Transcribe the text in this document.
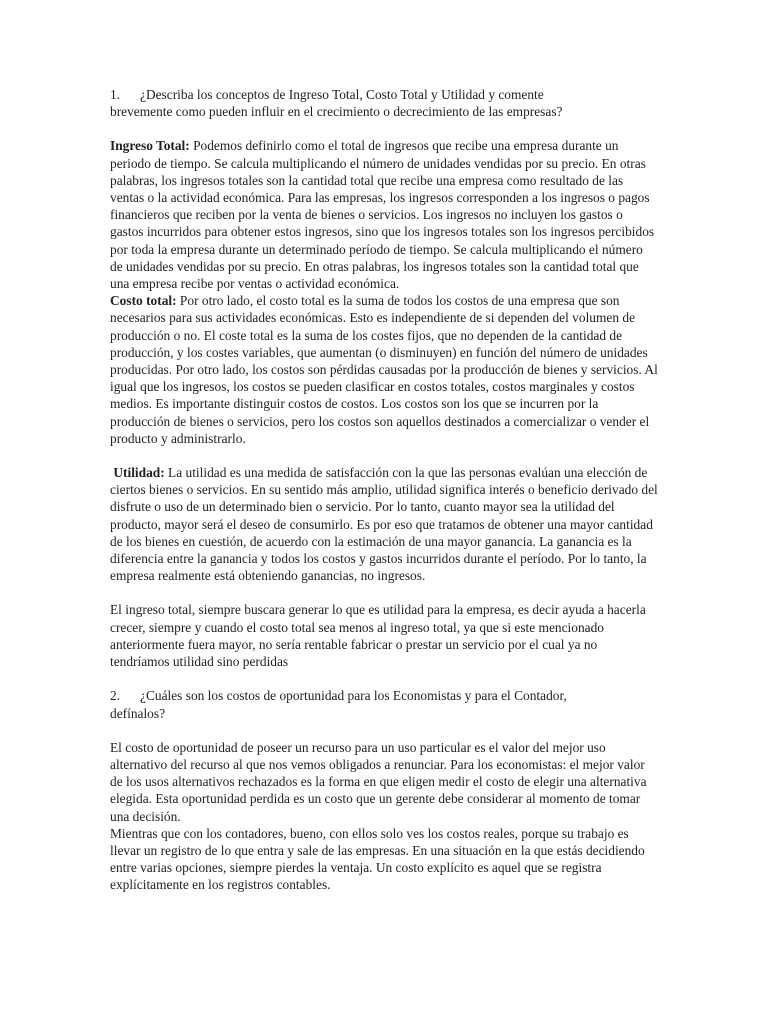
1.	¿Describa los conceptos de Ingreso Total, Costo Total y Utilidad y comente

brevemente como pueden influir en el crecimiento o decrecimiento de las empresas?

Ingreso Total: Podemos definirlo como el total de ingresos que recibe una empresa durante un periodo de tiempo. Se calcula multiplicando el número de unidades vendidas por su precio. En otras palabras, los ingresos totales son la cantidad total que recibe una empresa como resultado de las ventas o la actividad económica. Para las empresas, los ingresos corresponden a los ingresos o pagos financieros que reciben por la venta de bienes o servicios. Los ingresos no incluyen los gastos o gastos incurridos para obtener estos ingresos, sino que los ingresos totales son los ingresos percibidos por toda la empresa durante un determinado período de tiempo. Se calcula multiplicando el número de unidades vendidas por su precio. En otras palabras, los ingresos totales son la cantidad total que una empresa recibe por ventas o actividad económica.

Costo total: Por otro lado, el costo total es la suma de todos los costos de una empresa que son necesarios para sus actividades económicas. Esto es independiente de si dependen del volumen de producción o no. El coste total es la suma de los costes fijos, que no dependen de la cantidad de producción, y los costes variables, que aumentan (o disminuyen) en función del número de unidades producidas. Por otro lado, los costos son pérdidas causadas por la producción de bienes y servicios. Al igual que los ingresos, los costos se pueden clasificar en costos totales, costos marginales y costos medios. Es importante distinguir costos de costos. Los costos son los que se incurren por la producción de bienes o servicios, pero los costos son aquellos destinados a comercializar o vender el producto y administrarlo.

Utilidad: La utilidad es una medida de satisfacción con la que las personas evalúan una elección de ciertos bienes o servicios. En su sentido más amplio, utilidad significa interés o beneficio derivado del disfrute o uso de un determinado bien o servicio. Por lo tanto, cuanto mayor sea la utilidad del producto, mayor será el deseo de consumirlo. Es por eso que tratamos de obtener una mayor cantidad de los bienes en cuestión, de acuerdo con la estimación de una mayor ganancia. La ganancia es la diferencia entre la ganancia y todos los costos y gastos incurridos durante el período. Por lo tanto, la empresa realmente está obteniendo ganancias, no ingresos.

El ingreso total, siempre buscara generar lo que es utilidad para la empresa, es decir ayuda a hacerla crecer, siempre y cuando el costo total sea menos al ingreso total, ya que si este mencionado anteriormente fuera mayor, no sería rentable fabricar o prestar un servicio por el cual ya no tendríamos utilidad sino perdidas

2.	¿Cuáles son los costos de oportunidad para los Economistas y para el Contador,

defínalos?

El costo de oportunidad de poseer un recurso para un uso particular es el valor del mejor uso alternativo del recurso al que nos vemos obligados a renunciar. Para los economistas: el mejor valor de los usos alternativos rechazados es la forma en que eligen medir el costo de elegir una alternativa elegida. Esta oportunidad perdida es un costo que un gerente debe considerar al momento de tomar una decisión.

Mientras que con los contadores, bueno, con ellos solo ves los costos reales, porque su trabajo es llevar un registro de lo que entra y sale de las empresas. En una situación en la que estás decidiendo entre varias opciones, siempre pierdes la ventaja. Un costo explícito es aquel que se registra explícitamente en los registros contables.
